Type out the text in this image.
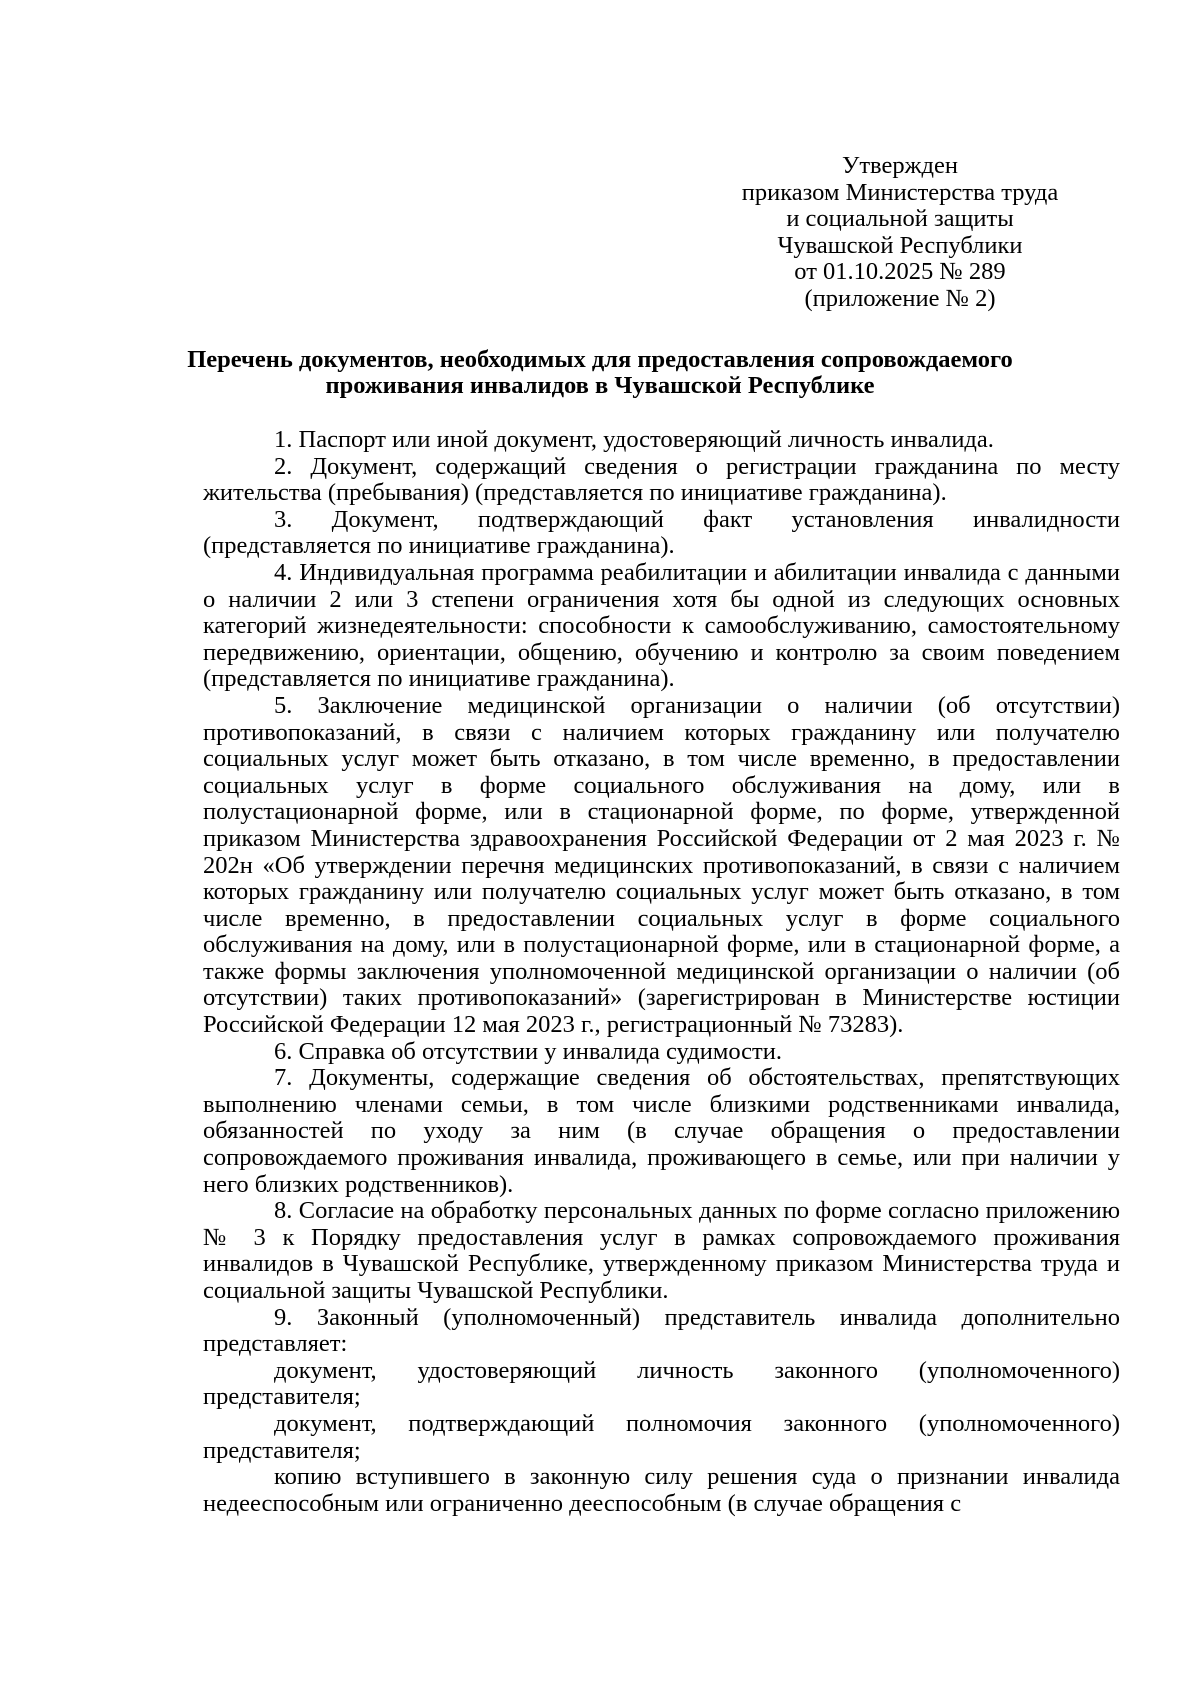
Утвержден
приказом Министерства труда
и социальной защиты
Чувашской Республики
от 01.10.2025 № 289
(приложение № 2)
Перечень документов, необходимых для предоставления сопровождаемого
проживания инвалидов в Чувашской Республике

1. Паспорт или иной документ, удостоверяющий личность инвалида.

2. Документ, содержащий сведения о регистрации гражданина по месту жительства (пребывания) (представляется по инициативе гражданина).

3. Документ, подтверждающий факт установления инвалидности (представляется по инициативе гражданина).

4. Индивидуальная программа реабилитации и абилитации инвалида с данными о наличии 2 или 3 степени ограничения хотя бы одной из следующих основных категорий жизнедеятельности: способности к самообслуживанию, самостоятельному передвижению, ориентации, общению, обучению и контролю за своим поведением (представляется по инициативе гражданина).

5. Заключение медицинской организации о наличии (об отсутствии) противопоказаний, в связи с наличием которых гражданину или получателю социальных услуг может быть отказано, в том числе временно, в предоставлении социальных услуг в форме социального обслуживания на дому, или в полустационарной форме, или в стационарной форме, по форме, утвержденной приказом Министерства здравоохранения Российской Федерации от 2 мая 2023 г. № 202н «Об утверждении перечня медицинских противопоказаний, в связи с наличием которых гражданину или получателю социальных услуг может быть отказано, в том числе временно, в предоставлении социальных услуг в форме социального обслуживания на дому, или в полустационарной форме, или в стационарной форме, а также формы заключения уполномоченной медицинской организации о наличии (об отсутствии) таких противопоказаний» (зарегистрирован в Министерстве юстиции Российской Федерации 12 мая 2023 г., регистрационный № 73283).

6. Справка об отсутствии у инвалида судимости.

7. Документы, содержащие сведения об обстоятельствах, препятствующих выполнению членами семьи, в том числе близкими родственниками инвалида, обязанностей по уходу за ним (в случае обращения о предоставлении сопровождаемого проживания инвалида, проживающего в семье, или при наличии у него близких родственников).

8. Согласие на обработку персональных данных по форме согласно приложению № 3 к Порядку предоставления услуг в рамках сопровождаемого проживания инвалидов в Чувашской Республике, утвержденному приказом Министерства труда и социальной защиты Чувашской Республики.

9. Законный (уполномоченный) представитель инвалида дополнительно представляет:

документ, удостоверяющий личность законного (уполномоченного) представителя;

документ, подтверждающий полномочия законного (уполномоченного) представителя;

копию вступившего в законную силу решения суда о признании инвалида недееспособным или ограниченно дееспособным (в случае обращения с
